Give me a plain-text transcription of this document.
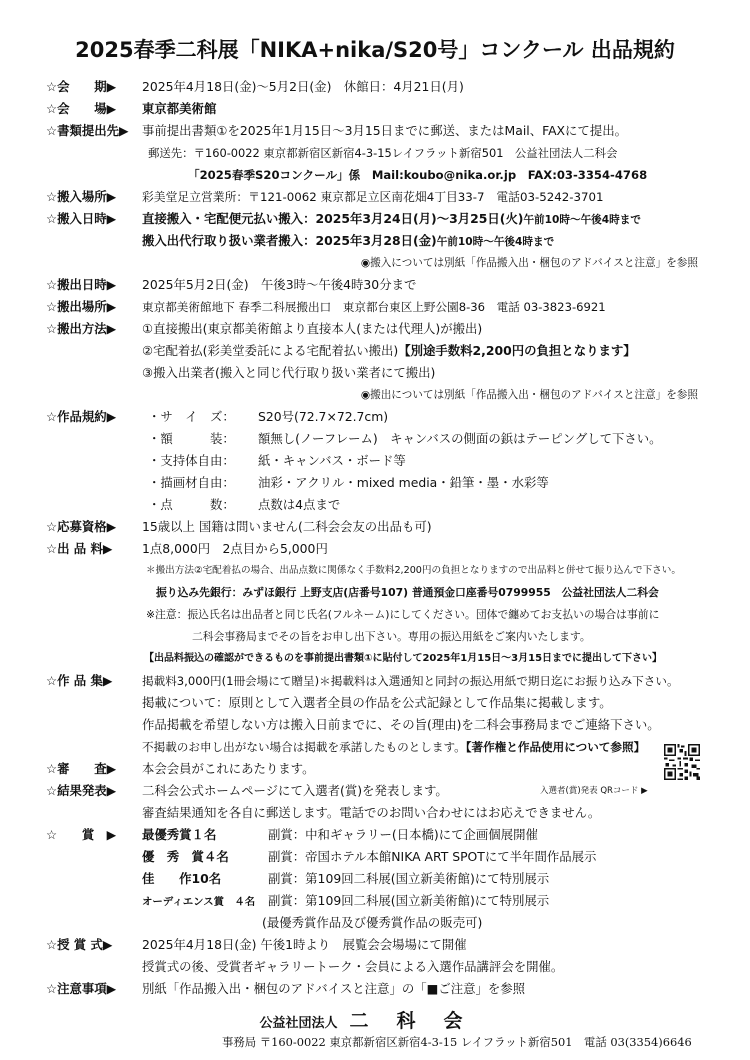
2025春季二科展「NIKA+nika/S20号」コンクール 出品規約
☆会　　期▶ 2025年4月18日(金)〜5月2日(金)　休館日：4月21日(月)
☆会　　場▶ 東京都美術館
☆書類提出先▶ 事前提出書類①を2025年1月15日〜3月15日までに郵送、またはMail、FAXにて提出。
郵送先：〒160-0022 東京都新宿区新宿4-3-15レイフラット新宿501　公益社団法人二科会
「2025春季S20コンクール」係　Mail:koubo@nika.or.jp　FAX:03-3354-4768
☆搬入場所▶ 彩美堂足立営業所：〒121-0062 東京都足立区南花畑4丁目33-7　電話03-5242-3701
☆搬入日時▶ 直接搬入・宅配便元払い搬入：2025年3月24日(月)〜3月25日(火)午前10時〜午後4時まで
搬入出代行取り扱い業者搬入：2025年3月28日(金)午前10時〜午後4時まで
◉搬入については別紙「作品搬入出・梱包のアドバイスと注意」を参照
☆搬出日時▶ 2025年5月2日(金)　午後3時〜午後4時30分まで
☆搬出場所▶ 東京都美術館地下 春季二科展搬出口　東京都台東区上野公園8-36　電話 03-3823-6921
☆搬出方法▶ ①直接搬出(東京都美術館より直接本人(または代理人)が搬出)
②宅配着払(彩美堂委託による宅配着払い搬出)【別途手数料2,200円の負担となります】
③搬入出業者(搬入と同じ代行取り扱い業者にて搬出)
◉搬出については別紙「作品搬入出・梱包のアドバイスと注意」を参照
☆作品規約▶	・サ　イ　ズ： S20号(72.7×72.7cm)
・額　　　装： 額無し(ノーフレーム)　キャンバスの側面の鋲はテーピングして下さい。
・支持体自由： 紙・キャンバス・ボード等
・描画材自由： 油彩・アクリル・mixed media・鉛筆・墨・水彩等
・点　　　数： 点数は4点まで
☆応募資格▶ 15歳以上 国籍は問いません(二科会会友の出品も可)
☆出 品 料▶ 1点8,000円　2点目から5,000円
＊搬出方法②宅配着払の場合、出品点数に関係なく手数料2,200円の負担となりますので出品料と併せて振り込んで下さい。
振り込み先銀行：みずほ銀行 上野支店(店番号107) 普通預金口座番号0799955　公益社団法人二科会
※注意：振込氏名は出品者と同じ氏名(フルネーム)にしてください。団体で纏めてお支払いの場合は事前に
二科会事務局までその旨をお申し出下さい。専用の振込用紙をご案内いたします。
【出品料振込の確認ができるものを事前提出書類①に貼付して2025年1月15日〜3月15日までに提出して下さい】
☆作 品 集▶	掲載料3,000円(1冊会場にて贈呈)＊掲載料は入選通知と同封の振込用紙で期日迄にお振り込み下さい。
掲載について：原則として入選者全員の作品を公式記録として作品集に掲載します。
作品掲載を希望しない方は搬入日前までに、その旨(理由)を二科会事務局までご連絡下さい。
不掲載のお申し出がない場合は掲載を承諾したものとします。【著作権と作品使用について参照】
☆審　　査▶ 本会会員がこれにあたります。
☆結果発表▶ 二科会公式ホームページにて入選者(賞)を発表します。	入選者(賞)発表 QRコード ▶
審査結果通知を各自に郵送します。電話でのお問い合わせにはお応えできません。
☆　　賞　▶ 最優秀賞１名	副賞：中和ギャラリー(日本橋)にて企画個展開催
優　秀　賞４名	副賞：帝国ホテル本館NIKA ART SPOTにて半年間作品展示
佳　　作10名	副賞：第109回二科展(国立新美術館)にて特別展示
オーディエンス賞　４名 副賞：第109回二科展(国立新美術館)にて特別展示
(最優秀賞作品及び優秀賞作品の販売可)
☆授 賞 式▶ 2025年4月18日(金) 午後1時より　展覧会会場場にて開催
授賞式の後、受賞者ギャラリートーク・会員による入選作品講評会を開催。
☆注意事項▶ 別紙「作品搬入出・梱包のアドバイスと注意」の「■ご注意」を参照
公益社団法人 二科会
事務局 〒160-0022 東京都新宿区新宿4-3-15 レイフラット新宿501　電話 03(3354)6646
